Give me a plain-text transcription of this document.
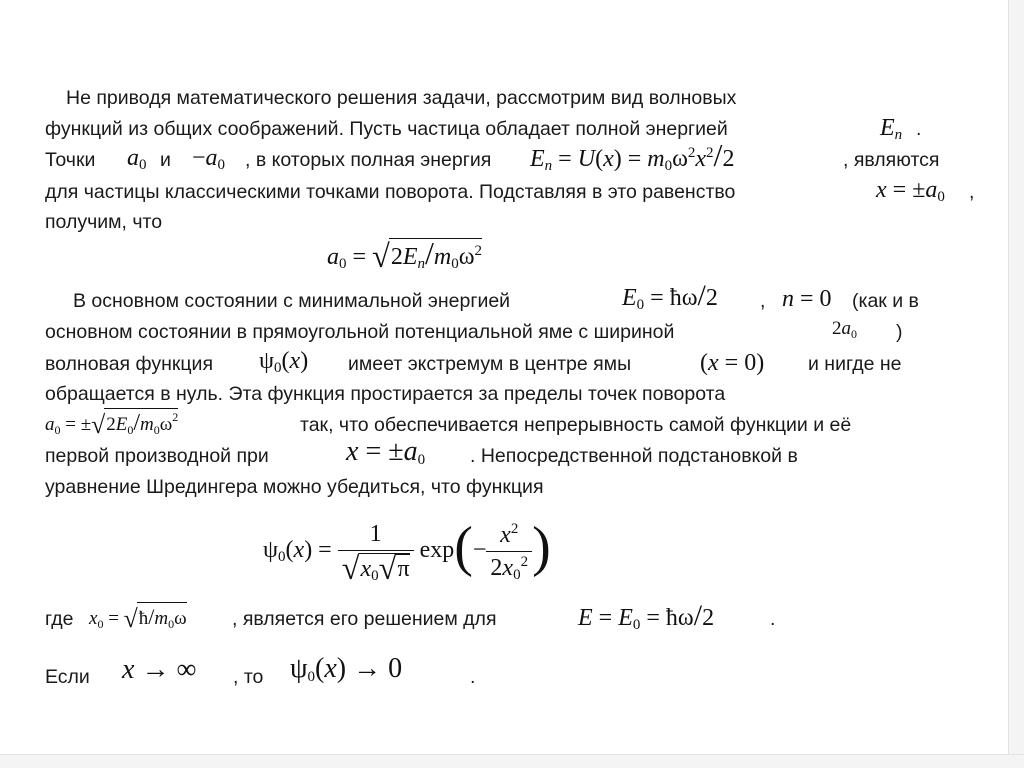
Не приводя математического решения задачи, рассмотрим вид волновых
функций из общих соображений. Пусть частица обладает полной энергией	$E_n$ .
Точки $a_0$ $и -a_0$ , в которых полная энергия $E_n = U(x) = m_0\omega^2x^2/2$	, являются
для частицы классическими точками поворота. Подставляя в это равенство	$x = \pm a_0$ ,
получим, что
$a_0 = √2E_n/m_0\omega^2$
В основном состоянии с минимальной энергией	$E_0$ = ħω/2 , n = 0 (как и в
основном состоянии в прямоугольной потенциальной яме с шириной	$2a_0$ )
волновая функция $\psi_0(x)$ имеет экстремум в центре ямы	(x = 0) и нигде не
обращается в нуль. Эта функция простирается за пределы точек поворота
$a_0 = \pm√2E_0/m_0\omega^2$	так, что обеспечивается непрерывность самой функции и её
первой производной при	$x = \pm a_0$ . Непосредственной подстановкой в
уравнение Шредингера можно убедиться, что функция
$\psi_0(x) = \frac{1}{√x_0√\pi} \exp(- \frac{x^2}{2x_0^2}$ )
где $x_0$ = $√ħ/m_0\omega$ , является его решением для	$E = E_0$ = ħω/2	.
Если x → ∞ , то $\psi_0(x) \to 0$	.
